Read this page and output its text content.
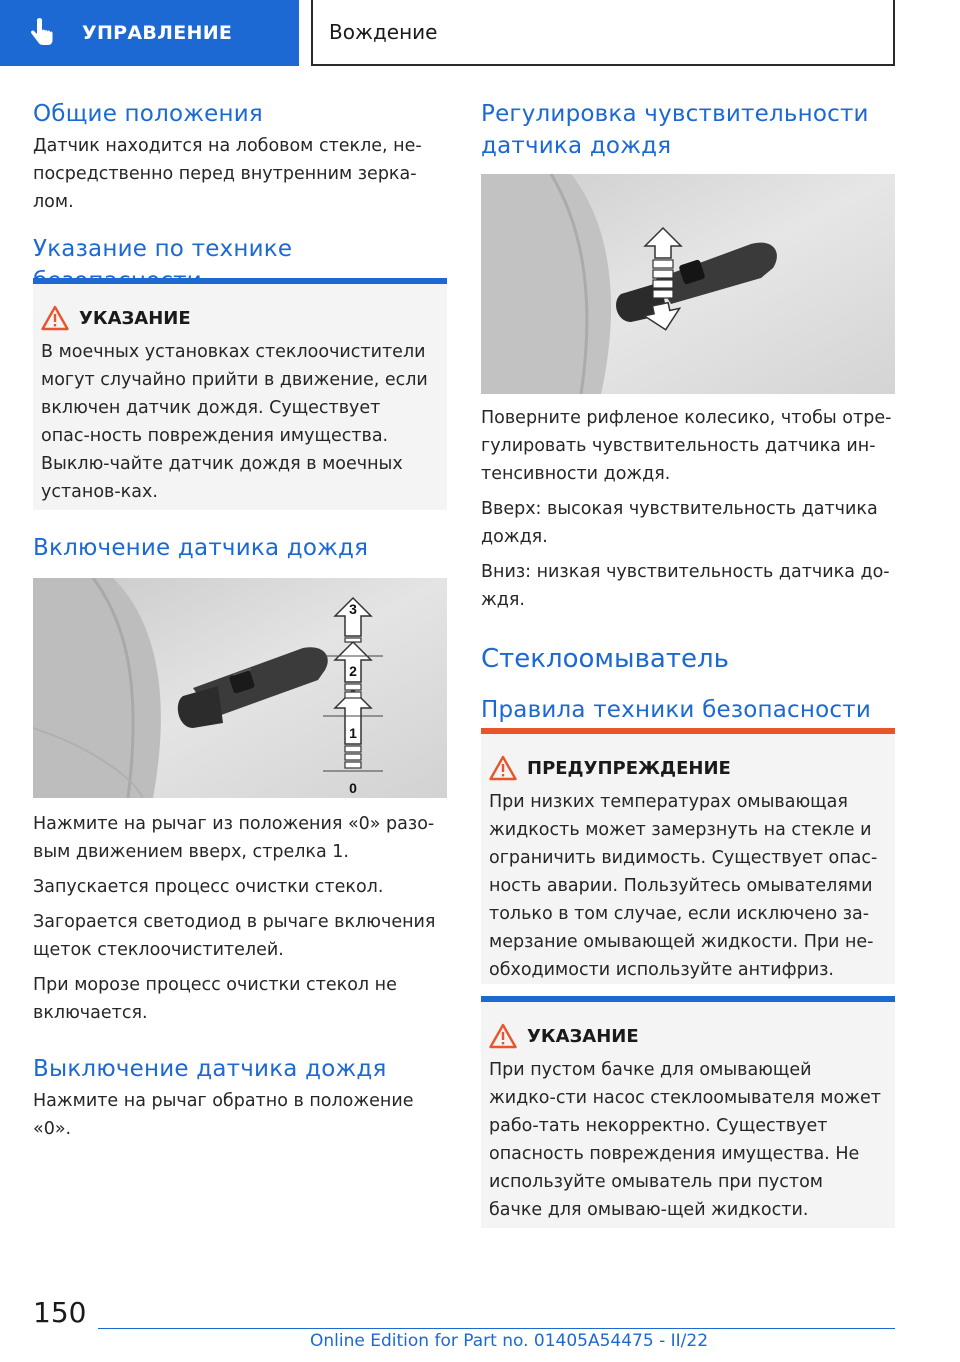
УПРАВЛЕНИЕ	Вождение
Общие положения

Датчик находится на лобовом стекле, не-посредственно перед внутренним зерка-лом.

Указание по технике
УКАЗАНИЕ

В моечных установках стеклоочистители могут случайно прийти в движение, если включен датчик дождя. Существует опас-ность повреждения имущества. Выклю-чайте датчик дождя в моечных установ-ках.

Включение датчика дождя
3
2
1
0

Нажмите на рычаг из положения «0» разо-вым движением вверх, стрелка 1.

Запускается процесс очистки стекол.

Загорается светодиод в рычаге включения щеток стеклоочистителей.

При морозе процесс очистки стекол не включается.

Выключение датчика дождя

Нажмите на рычаг обратно в положение «0».

Регулировка чувствительности датчика дождя

Поверните рифленое колесико, чтобы отре-гулировать чувствительность датчика ин-тенсивности дождя.

Вверх: высокая чувствительность датчика дождя.

Вниз: низкая чувствительность датчика до-ждя.

Стеклоомыватель
Правила техники безопасности
ПРЕДУПРЕЖДЕНИЕ

При низких температурах омывающая жидкость может замерзнуть на стекле и ограничить видимость. Существует опас-ность аварии. Пользуйтесь омывателями только в том случае, если исключено за-мерзание омывающей жидкости. При не-обходимости используйте антифриз.

УКАЗАНИЕ

При пустом бачке для омывающей жидко-сти насос стеклоомывателя может рабо-тать некорректно. Существует опасность повреждения имущества. Не используйте омыватель при пустом бачке для омываю-щей жидкости.

150
Online Edition for Part no. 01405A54475 - II/22
